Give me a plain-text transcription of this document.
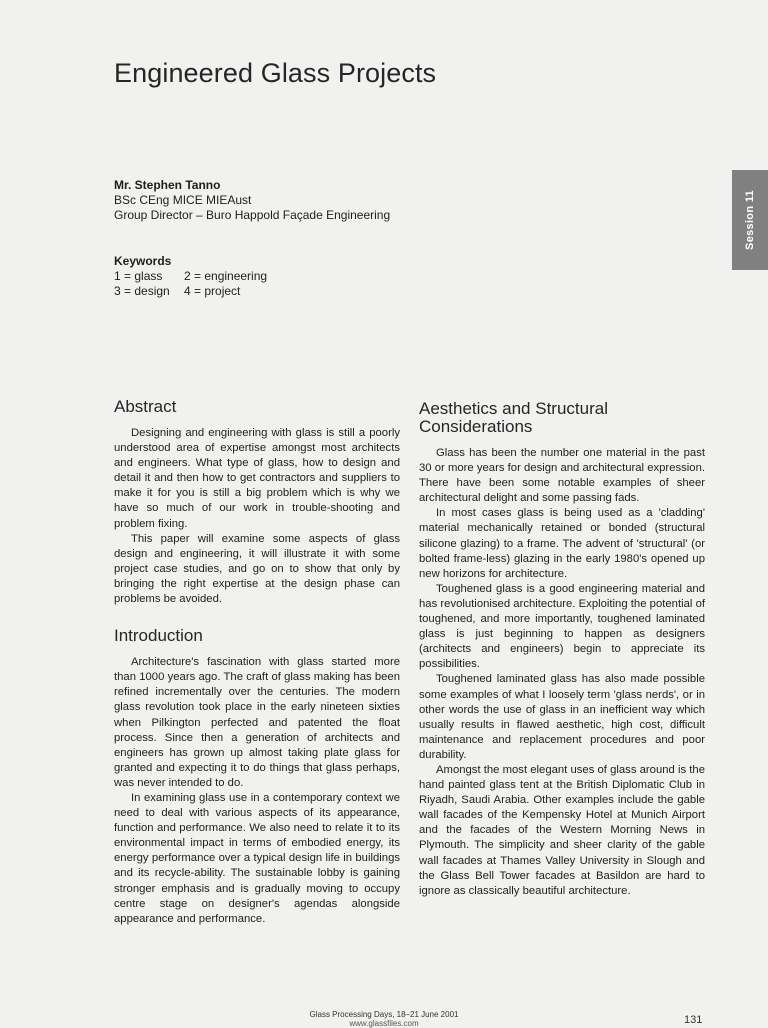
Engineered Glass Projects
Mr. Stephen Tanno
BSc CEng MICE MIEAust
Group Director – Buro Happold Façade Engineering
Keywords
1 = glass	2 = engineering
3 = design	4 = project
Session 11
Abstract

Designing and engineering with glass is still a poorly understood area of expertise amongst most architects and engineers. What type of glass, how to design and detail it and then how to get contractors and suppliers to make it for you is still a big problem which is why we have so much of our work in trouble-shooting and problem fixing.

This paper will examine some aspects of glass design and engineering, it will illustrate it with some project case studies, and go on to show that only by bringing the right expertise at the design phase can problems be avoided.

Introduction

Architecture's fascination with glass started more than 1000 years ago. The craft of glass making has been refined incrementally over the centuries. The modern glass revolution took place in the early nineteen sixties when Pilkington perfected and patented the float process. Since then a generation of architects and engineers has grown up almost taking plate glass for granted and expecting it to do things that glass perhaps, was never intended to do.

In examining glass use in a contemporary context we need to deal with various aspects of its appearance, function and performance. We also need to relate it to its environmental impact in terms of embodied energy, its energy performance over a typical design life in buildings and its recycle-ability. The sustainable lobby is gaining stronger emphasis and is gradually moving to occupy centre stage on designer's agendas alongside appearance and performance.

Aesthetics and Structural Considerations

Glass has been the number one material in the past 30 or more years for design and architectural expression. There have been some notable examples of sheer architectural delight and some passing fads.

In most cases glass is being used as a 'cladding' material mechanically retained or bonded (structural silicone glazing) to a frame. The advent of 'structural' (or bolted frame-less) glazing in the early 1980's opened up new horizons for architecture.

Toughened glass is a good engineering material and has revolutionised architecture. Exploiting the potential of toughened, and more importantly, toughened laminated glass is just beginning to happen as designers (architects and engineers) begin to appreciate its possibilities.

Toughened laminated glass has also made possible some examples of what I loosely term 'glass nerds', or in other words the use of glass in an inefficient way which usually results in flawed aesthetic, high cost, difficult maintenance and replacement procedures and poor durability.

Amongst the most elegant uses of glass around is the hand painted glass tent at the British Diplomatic Club in Riyadh, Saudi Arabia. Other examples include the gable wall facades of the Kempensky Hotel at Munich Airport and the facades of the Western Morning News in Plymouth. The simplicity and sheer clarity of the gable wall facades at Thames Valley University in Slough and the Glass Bell Tower facades at Basildon are hard to ignore as classically beautiful architecture.

Glass Processing Days, 18–21 June 2001
www.glassfiles.com	131
